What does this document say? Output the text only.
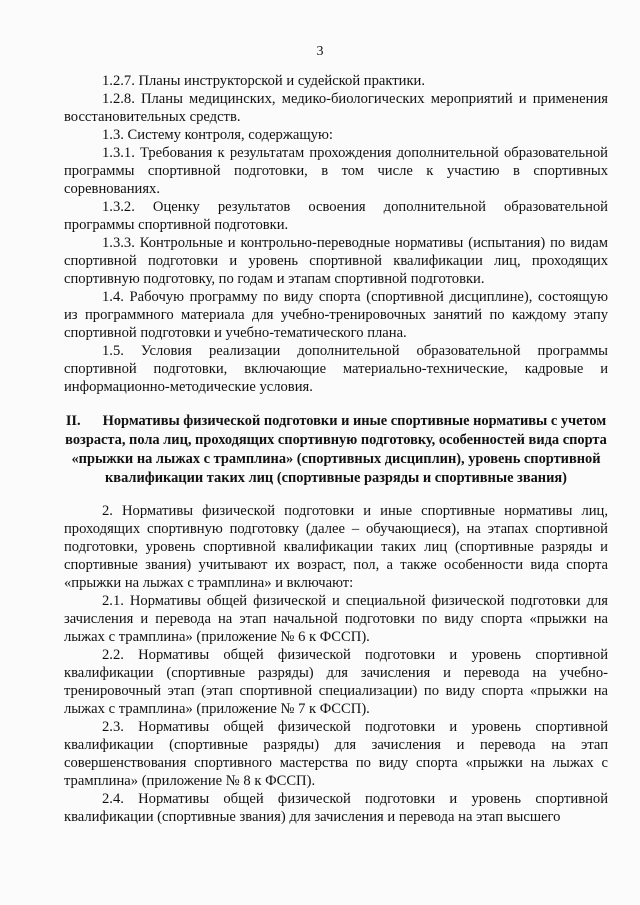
3

1.2.7. Планы инструкторской и судейской практики.

1.2.8. Планы медицинских, медико-биологических мероприятий и применения восстановительных средств.

1.3. Систему контроля, содержащую:

1.3.1. Требования к результатам прохождения дополнительной образовательной программы спортивной подготовки, в том числе к участию в спортивных соревнованиях.

1.3.2. Оценку результатов освоения дополнительной образовательной программы спортивной подготовки.

1.3.3. Контрольные и контрольно-переводные нормативы (испытания) по видам спортивной подготовки и уровень спортивной квалификации лиц, проходящих спортивную подготовку, по годам и этапам спортивной подготовки.

1.4. Рабочую программу по виду спорта (спортивной дисциплине), состоящую из программного материала для учебно-тренировочных занятий по каждому этапу спортивной подготовки и учебно-тематического плана.

1.5. Условия реализации дополнительной образовательной программы спортивной подготовки, включающие материально-технические, кадровые и информационно-методические условия.

II. Нормативы физической подготовки и иные спортивные нормативы с учетом возраста, пола лиц, проходящих спортивную подготовку, особенностей вида спорта «прыжки на лыжах с трамплина» (спортивных дисциплин), уровень спортивной квалификации таких лиц (спортивные разряды и спортивные звания)

2. Нормативы физической подготовки и иные спортивные нормативы лиц, проходящих спортивную подготовку (далее – обучающиеся), на этапах спортивной подготовки, уровень спортивной квалификации таких лиц (спортивные разряды и спортивные звания) учитывают их возраст, пол, а также особенности вида спорта «прыжки на лыжах с трамплина» и включают:

2.1. Нормативы общей физической и специальной физической подготовки для зачисления и перевода на этап начальной подготовки по виду спорта «прыжки на лыжах с трамплина» (приложение № 6 к ФССП).

2.2. Нормативы общей физической подготовки и уровень спортивной квалификации (спортивные разряды) для зачисления и перевода на учебно-тренировочный этап (этап спортивной специализации) по виду спорта «прыжки на лыжах с трамплина» (приложение № 7 к ФССП).

2.3. Нормативы общей физической подготовки и уровень спортивной квалификации (спортивные разряды) для зачисления и перевода на этап совершенствования спортивного мастерства по виду спорта «прыжки на лыжах с трамплина» (приложение № 8 к ФССП).

2.4. Нормативы общей физической подготовки и уровень спортивной квалификации (спортивные звания) для зачисления и перевода на этап высшего
